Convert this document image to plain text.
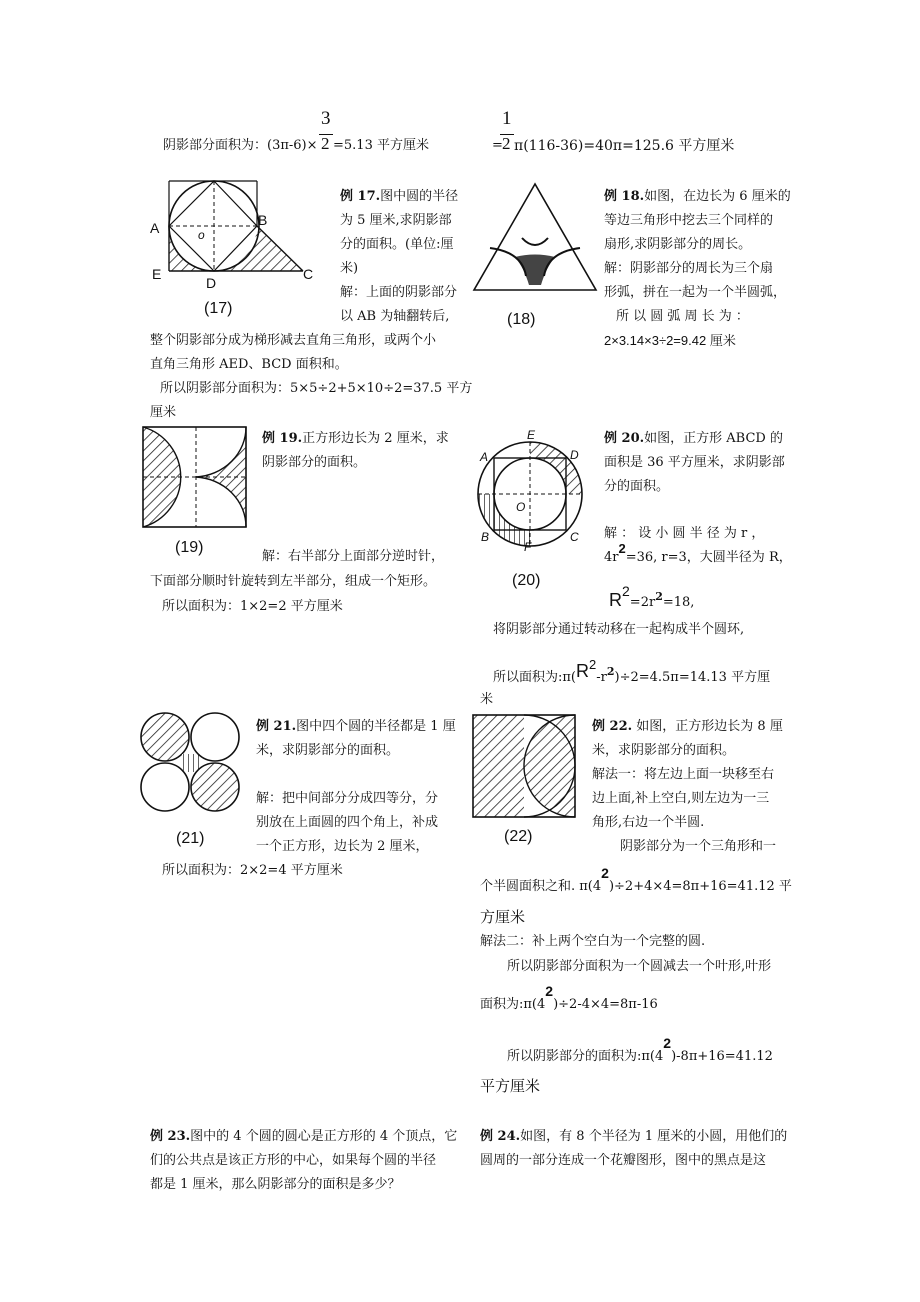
3
阴影部分面积为：(3π-6)× 2 =5.13 平方厘米
1
= 2 π(116-36)=40π=125.6 平方厘米
A	B
C
D
E
o
(17)
例 17.图中圆的半径
为 5 厘米,求阴影部
分的面积。(单位:厘
米)
解：上面的阴影部分
以 AB 为轴翻转后,
整个阴影部分成为梯形减去直角三角形，或两个小
直角三角形 AED、BCD 面积和。
所以阴影部分面积为：5×5÷2+5×10÷2=37.5 平方
厘米
(18)
例 18.如图，在边长为 6 厘米的
等边三角形中挖去三个同样的
扇形,求阴影部分的周长。
解：阴影部分的周长为三个扇
形弧，拼在一起为一个半圆弧，
所 以 圆 弧 周 长 为 ：
2×3.14×3÷2=9.42 厘米
(19)
例 19.正方形边长为 2 厘米，求
阴影部分的面积。
解：右半部分上面部分逆时针，
下面部分顺时针旋转到左半部分，组成一个矩形。
所以面积为：1×2=2 平方厘米
A
B	C
D
E
F
O
(20)
例 20.如图，正方形 ABCD 的
面积是 36 平方厘米，求阴影部
分的面积。
解 ： 设 小 圆 半 径 为 r ，
4r2=36, r=3，大圆半径为 R，
$R2=2r^2=18$,
将阴影部分通过转动移在一起构成半个圆环,
所以面积为$:\pi(R2-r^2)\div 2=4.5\pi=14.13$ 平方厘
米
(21)
例 21.图中四个圆的半径都是 1 厘
米，求阴影部分的面积。
解：把中间部分分成四等分，分
别放在上面圆的四个角上，补成
一个正方形，边长为 2 厘米，
所以面积为：2×2=4 平方厘米
(22)
例 22. 如图，正方形边长为 8 厘
米，求阴影部分的面积。
解法一：将左边上面一块移至右
边上面,补上空白,则左边为一三
角形,右边一个半圆.
阴影部分为一个三角形和一
个半圆面积之和. π(42)÷2+4×4=8π+16=41.12 平
方厘米
解法二：补上两个空白为一个完整的圆.
所以阴影部分面积为一个圆减去一个叶形,叶形
面积为:π(42)÷2-4×4=8π-16
所以阴影部分的面积为:π(42)-8π+16=41.12
平方厘米
例 23.图中的 4 个圆的圆心是正方形的 4 个顶点，它
们的公共点是该正方形的中心，如果每个圆的半径
都是 1 厘米，那么阴影部分的面积是多少？
例 24.如图，有 8 个半径为 1 厘米的小圆，用他们的
圆周的一部分连成一个花瓣图形，图中的黑点是这
